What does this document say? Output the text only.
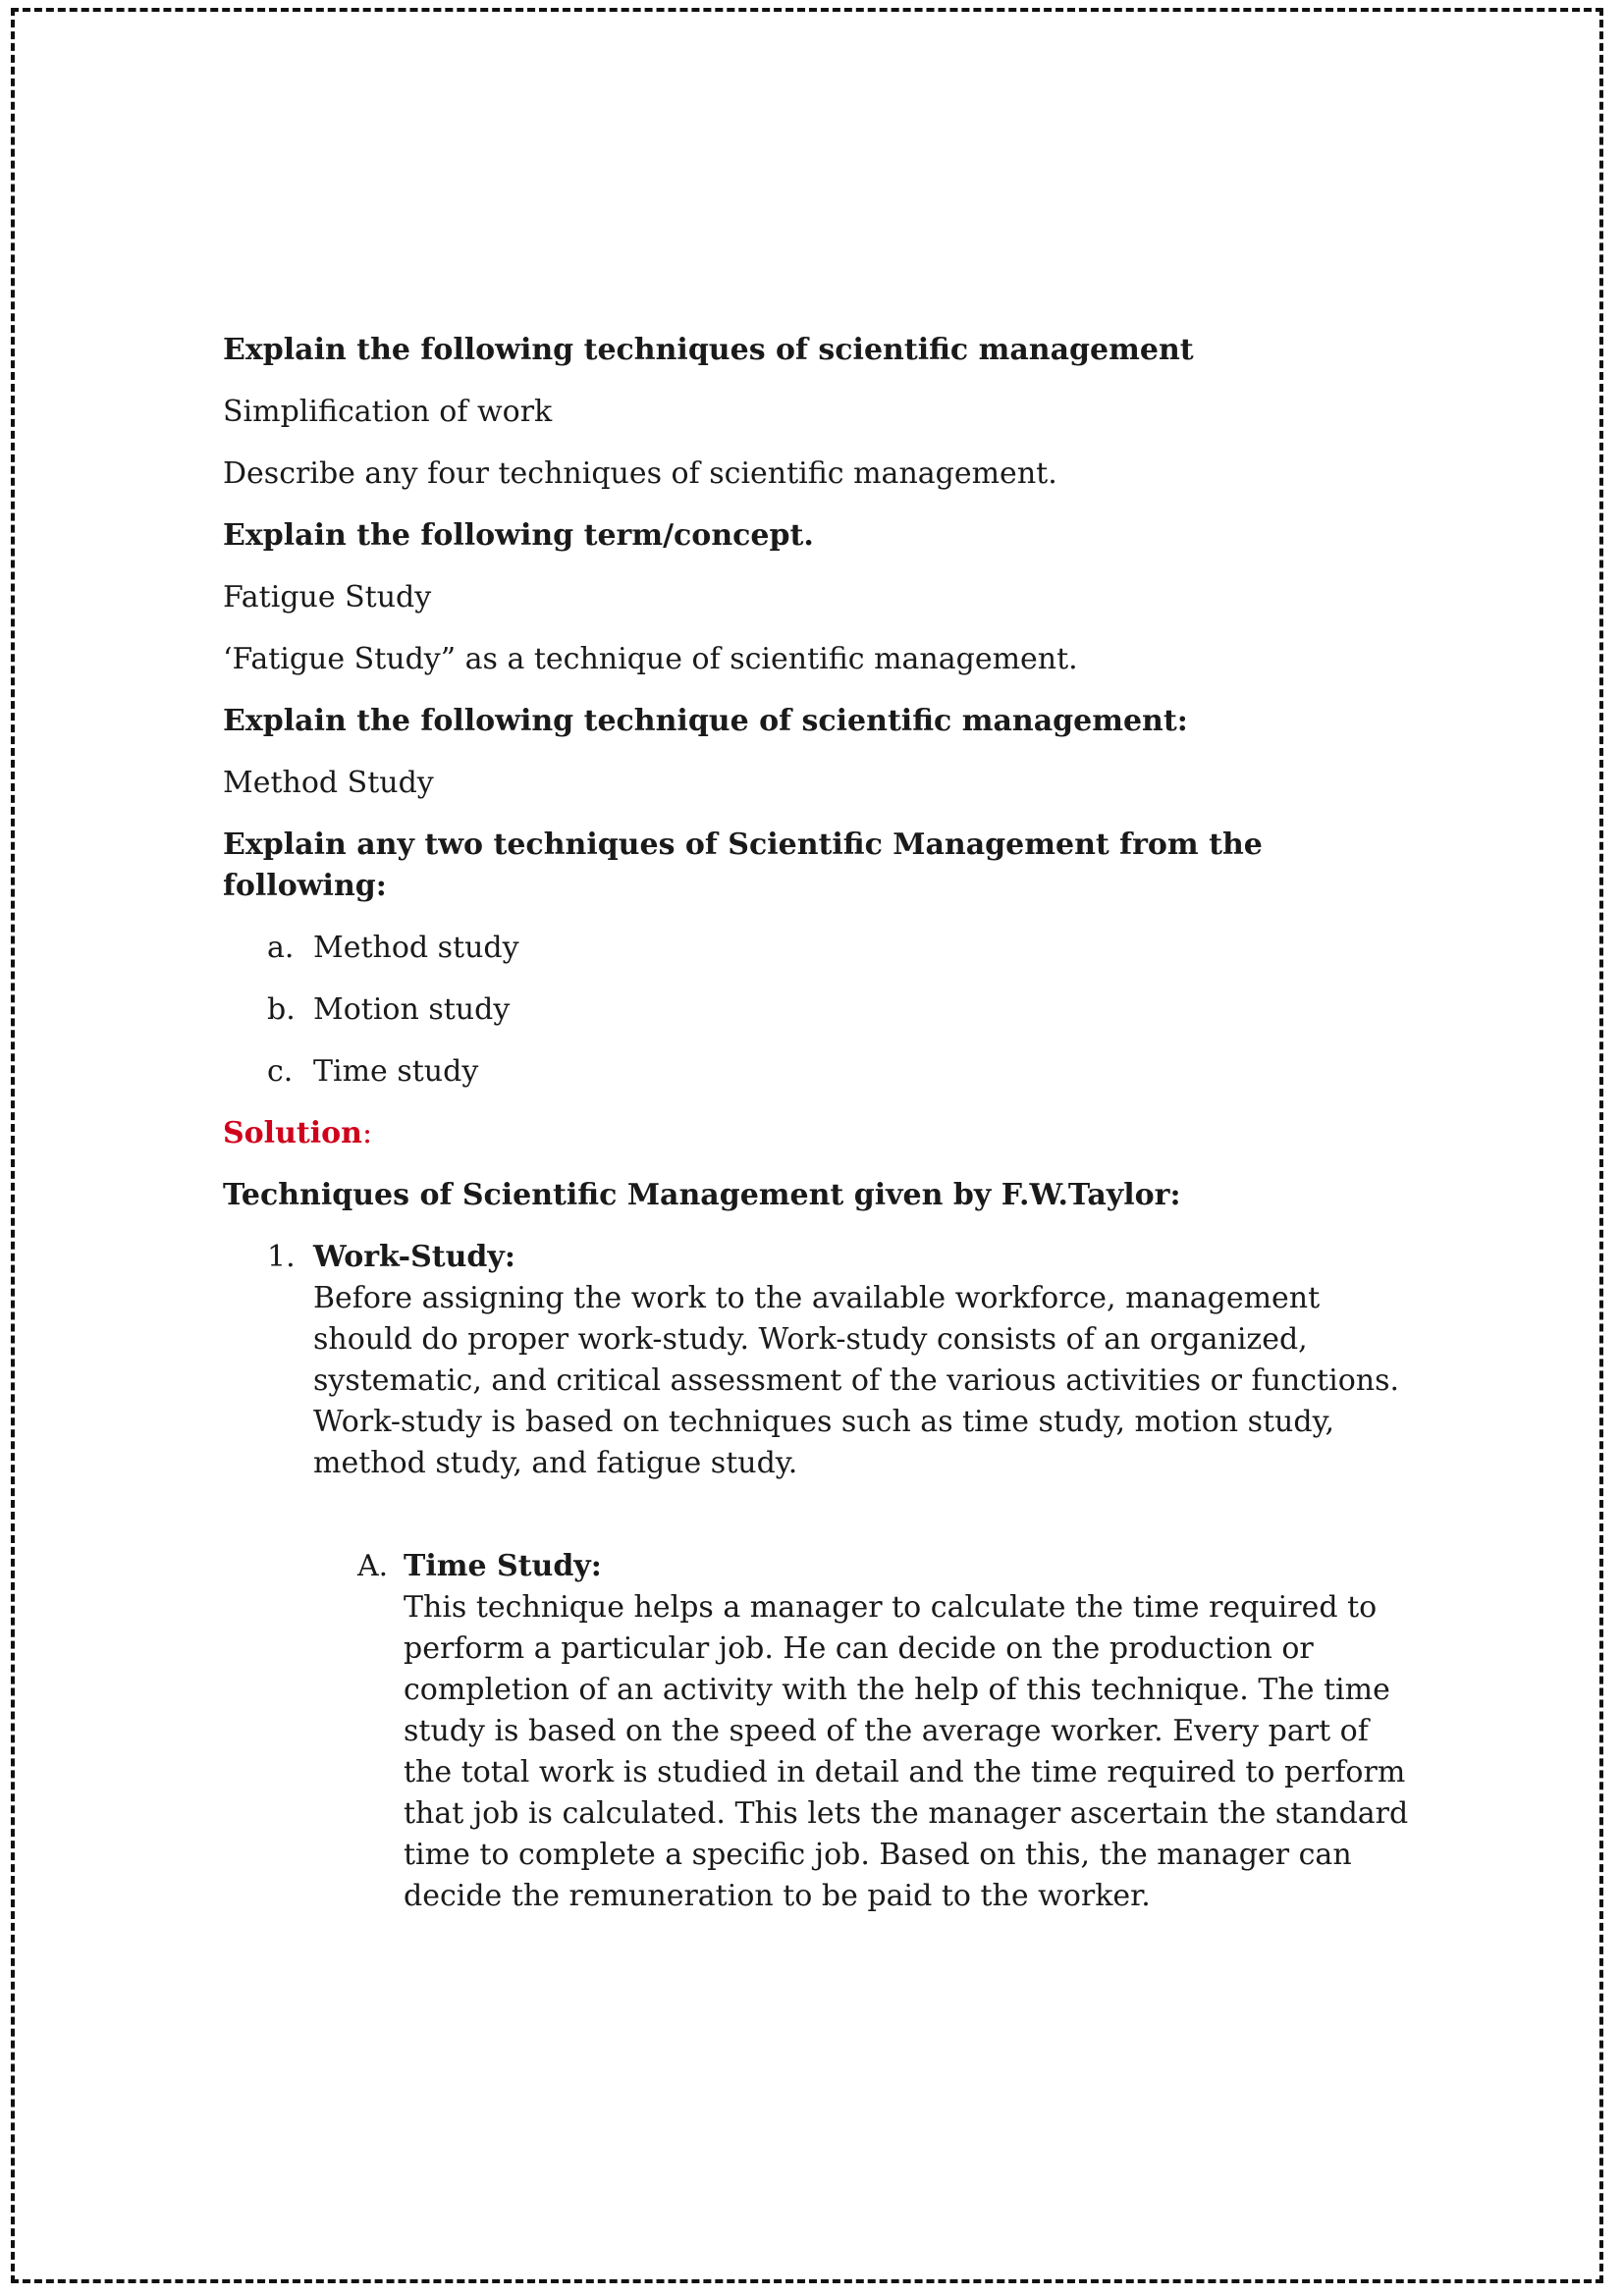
Explain the following techniques of scientific management

Simplification of work

Describe any four techniques of scientific management.

Explain the following term/concept.

Fatigue Study

‘Fatigue Study” as a technique of scientific management.

Explain the following technique of scientific management:

Method Study

Explain any two techniques of Scientific Management from the following:

a. Method study
b. Motion study
c. Time study

Solution:

Techniques of Scientific Management given by F.W.Taylor:

1. Work-Study:
Before assigning the work to the available workforce, management should do proper work-study. Work-study consists of an organized, systematic, and critical assessment of the various activities or functions. Work-study is based on techniques such as time study, motion study, method study, and fatigue study.
A. Time Study:
This technique helps a manager to calculate the time required to perform a particular job. He can decide on the production or completion of an activity with the help of this technique. The time study is based on the speed of the average worker. Every part of the total work is studied in detail and the time required to perform that job is calculated. This lets the manager ascertain the standard time to complete a specific job. Based on this, the manager can decide the remuneration to be paid to the worker.
